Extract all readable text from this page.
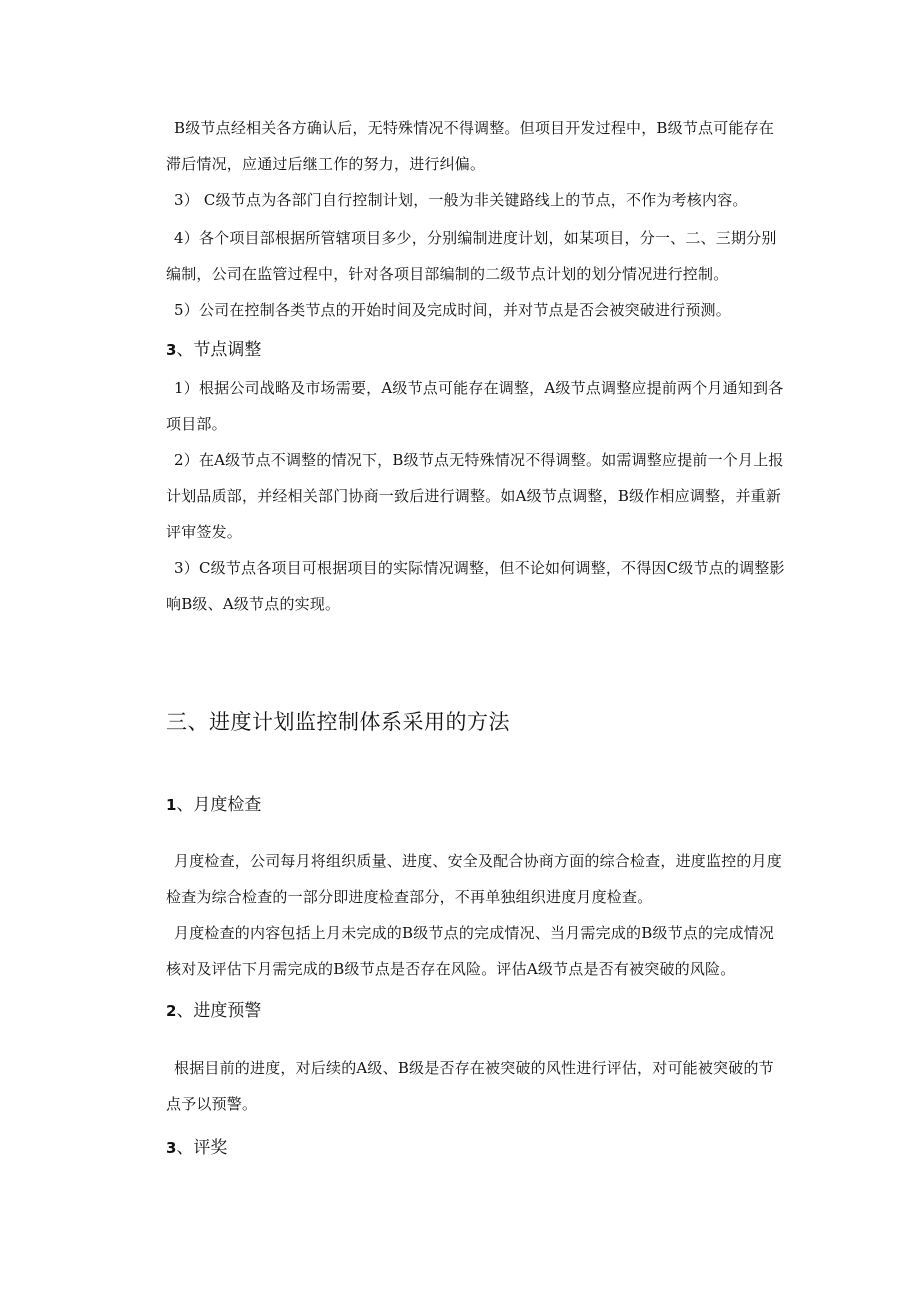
B级节点经相关各方确认后，无特殊情况不得调整。但项目开发过程中，B级节点可能存在滞后情况，应通过后继工作的努力，进行纠偏。

3） C级节点为各部门自行控制计划，一般为非关键路线上的节点，不作为考核内容。

4）各个项目部根据所管辖项目多少，分别编制进度计划，如某项目，分一、二、三期分别编制，公司在监管过程中，针对各项目部编制的二级节点计划的划分情况进行控制。

5）公司在控制各类节点的开始时间及完成时间，并对节点是否会被突破进行预测。

3、节点调整

1）根据公司战略及市场需要，A级节点可能存在调整，A级节点调整应提前两个月通知到各项目部。

2）在A级节点不调整的情况下，B级节点无特殊情况不得调整。如需调整应提前一个月上报计划品质部，并经相关部门协商一致后进行调整。如A级节点调整，B级作相应调整，并重新评审签发。

3）C级节点各项目可根据项目的实际情况调整，但不论如何调整，不得因C级节点的调整影响B级、A级节点的实现。

三、进度计划监控制体系采用的方法

1、月度检查

月度检查，公司每月将组织质量、进度、安全及配合协商方面的综合检查，进度监控的月度检查为综合检查的一部分即进度检查部分，不再单独组织进度月度检查。

月度检查的内容包括上月未完成的B级节点的完成情况、当月需完成的B级节点的完成情况核对及评估下月需完成的B级节点是否存在风险。评估A级节点是否有被突破的风险。

2、进度预警

根据目前的进度，对后续的A级、B级是否存在被突破的风性进行评估，对可能被突破的节点予以预警。

3、评奖
